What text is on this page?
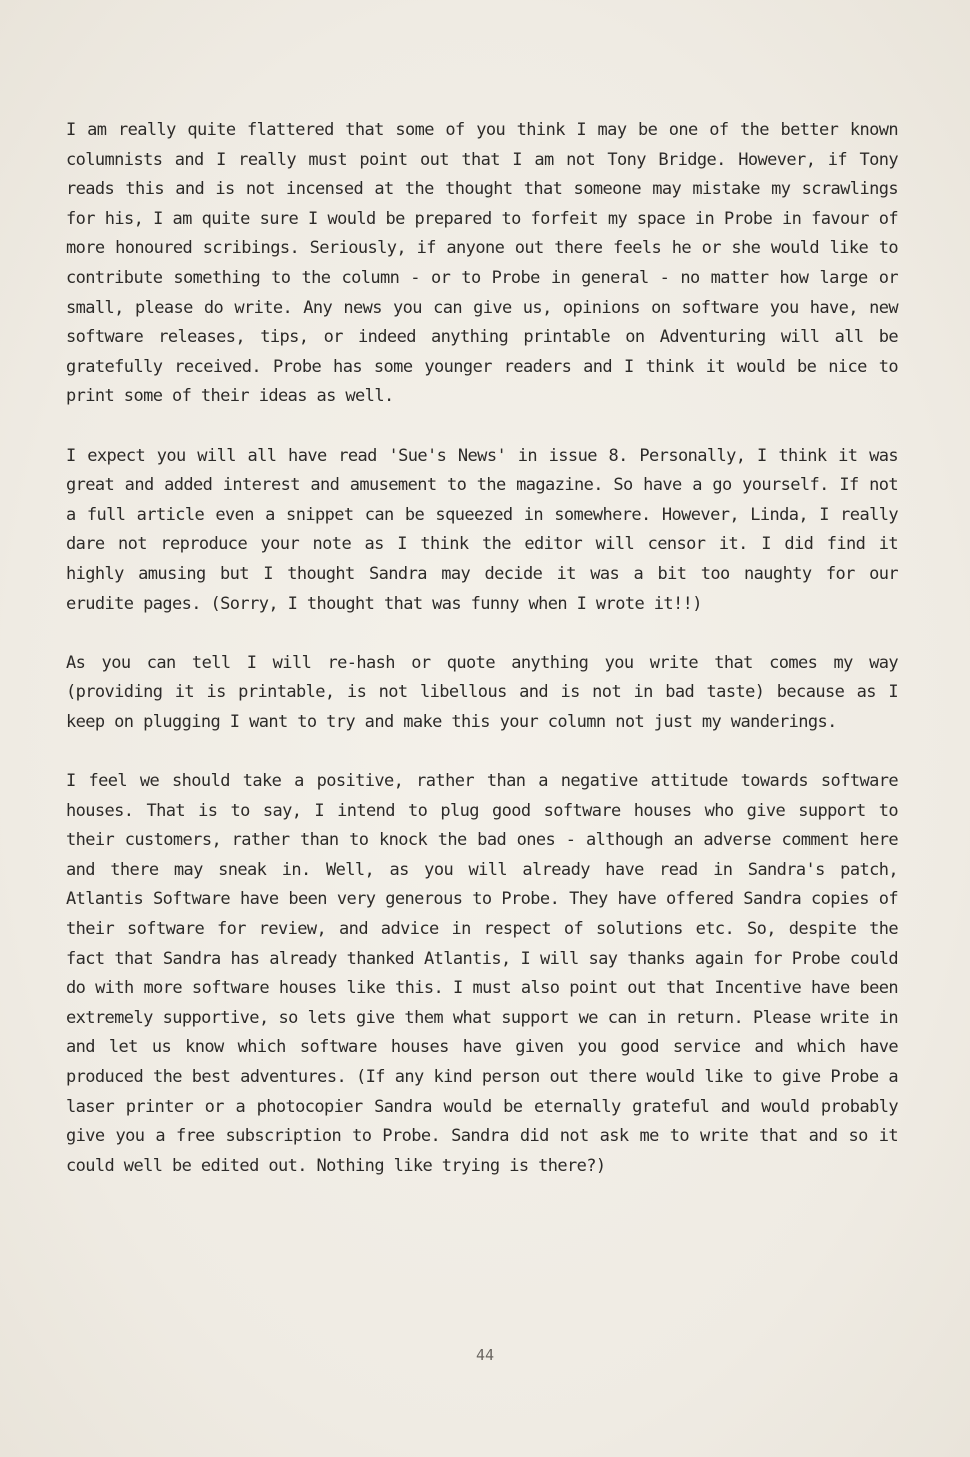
I am really quite flattered that some of you think I may be one of the better known columnists and I really must point out that I am not Tony Bridge. However, if Tony reads this and is not incensed at the thought that someone may mistake my scrawlings for his, I am quite sure I would be prepared to forfeit my space in Probe in favour of more honoured scribings. Seriously, if anyone out there feels he or she would like to contribute something to the column - or to Probe in general - no matter how large or small, please do write. Any news you can give us, opinions on software you have, new software releases, tips, or indeed anything printable on Adventuring will all be gratefully received. Probe has some younger readers and I think it would be nice to print some of their ideas as well.

I expect you will all have read 'Sue's News' in issue 8. Personally, I think it was great and added interest and amusement to the magazine. So have a go yourself. If not a full article even a snippet can be squeezed in somewhere. However, Linda, I really dare not reproduce your note as I think the editor will censor it. I did find it highly amusing but I thought Sandra may decide it was a bit too naughty for our erudite pages. (Sorry, I thought that was funny when I wrote it!!)

As you can tell I will re-hash or quote anything you write that comes my way (providing it is printable, is not libellous and is not in bad taste) because as I keep on plugging I want to try and make this your column not just my wanderings.

I feel we should take a positive, rather than a negative attitude towards software houses. That is to say, I intend to plug good software houses who give support to their customers, rather than to knock the bad ones - although an adverse comment here and there may sneak in. Well, as you will already have read in Sandra's patch, Atlantis Software have been very generous to Probe. They have offered Sandra copies of their software for review, and advice in respect of solutions etc. So, despite the fact that Sandra has already thanked Atlantis, I will say thanks again for Probe could do with more software houses like this. I must also point out that Incentive have been extremely supportive, so lets give them what support we can in return. Please write in and let us know which software houses have given you good service and which have produced the best adventures. (If any kind person out there would like to give Probe a laser printer or a photocopier Sandra would be eternally grateful and would probably give you a free subscription to Probe. Sandra did not ask me to write that and so it could well be edited out. Nothing like trying is there?)

44
